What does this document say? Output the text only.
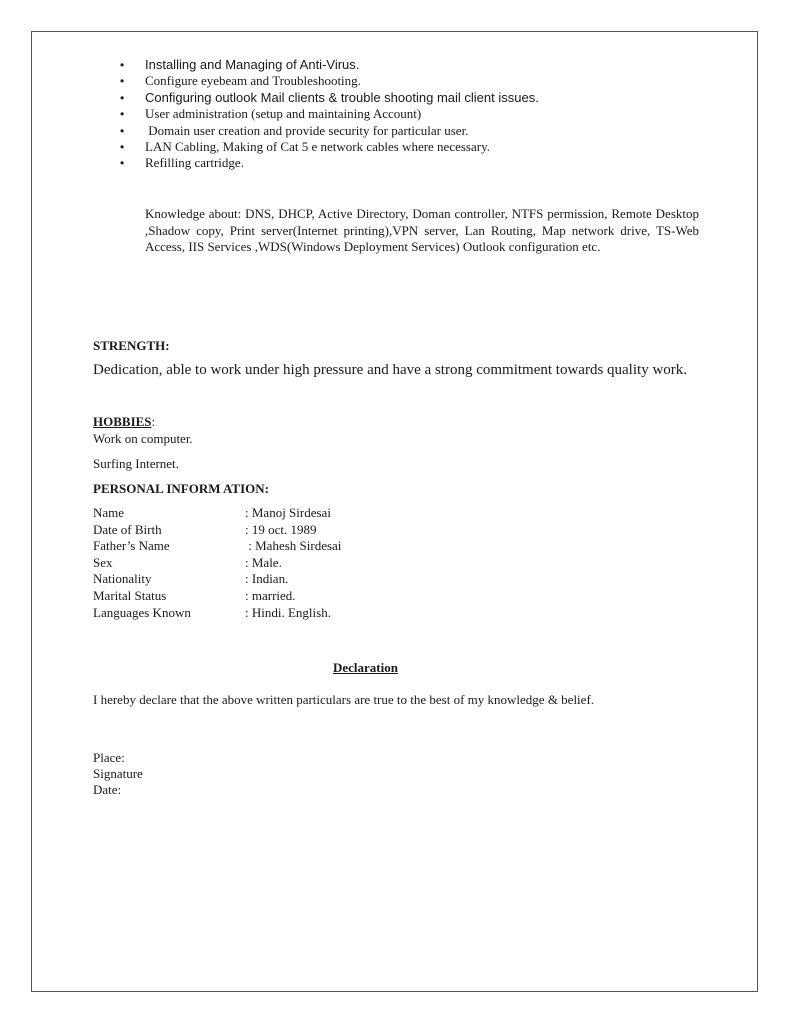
• Installing and Managing of Anti-Virus.
• Configure eyebeam and Troubleshooting.
• Configuring outlook Mail clients & trouble shooting mail client issues.
• User administration (setup and maintaining Account)
• Domain user creation and provide security for particular user.
• LAN Cabling, Making of Cat 5 e network cables where necessary.
• Refilling cartridge.
Knowledge about: DNS, DHCP, Active Directory, Doman controller, NTFS permission, Remote Desktop ,Shadow copy, Print server(Internet printing),VPN server, Lan Routing, Map network drive, TS-Web Access, IIS Services ,WDS(Windows Deployment Services) Outlook configuration etc.
STRENGTH:
Dedication, able to work under high pressure and have a strong commitment towards quality work.
HOBBIES:
Work on computer.
Surfing Internet.
PERSONAL INFORM ATION:
Name	: Manoj Sirdesai
Date of Birth	: 19 oct. 1989
Father’s Name	: Mahesh Sirdesai
Sex	: Male.
Nationality	: Indian.
Marital Status	: married.
Languages Known	: Hindi. English.
Declaration
I hereby declare that the above written particulars are true to the best of my knowledge & belief.
Place:
Signature
Date:
